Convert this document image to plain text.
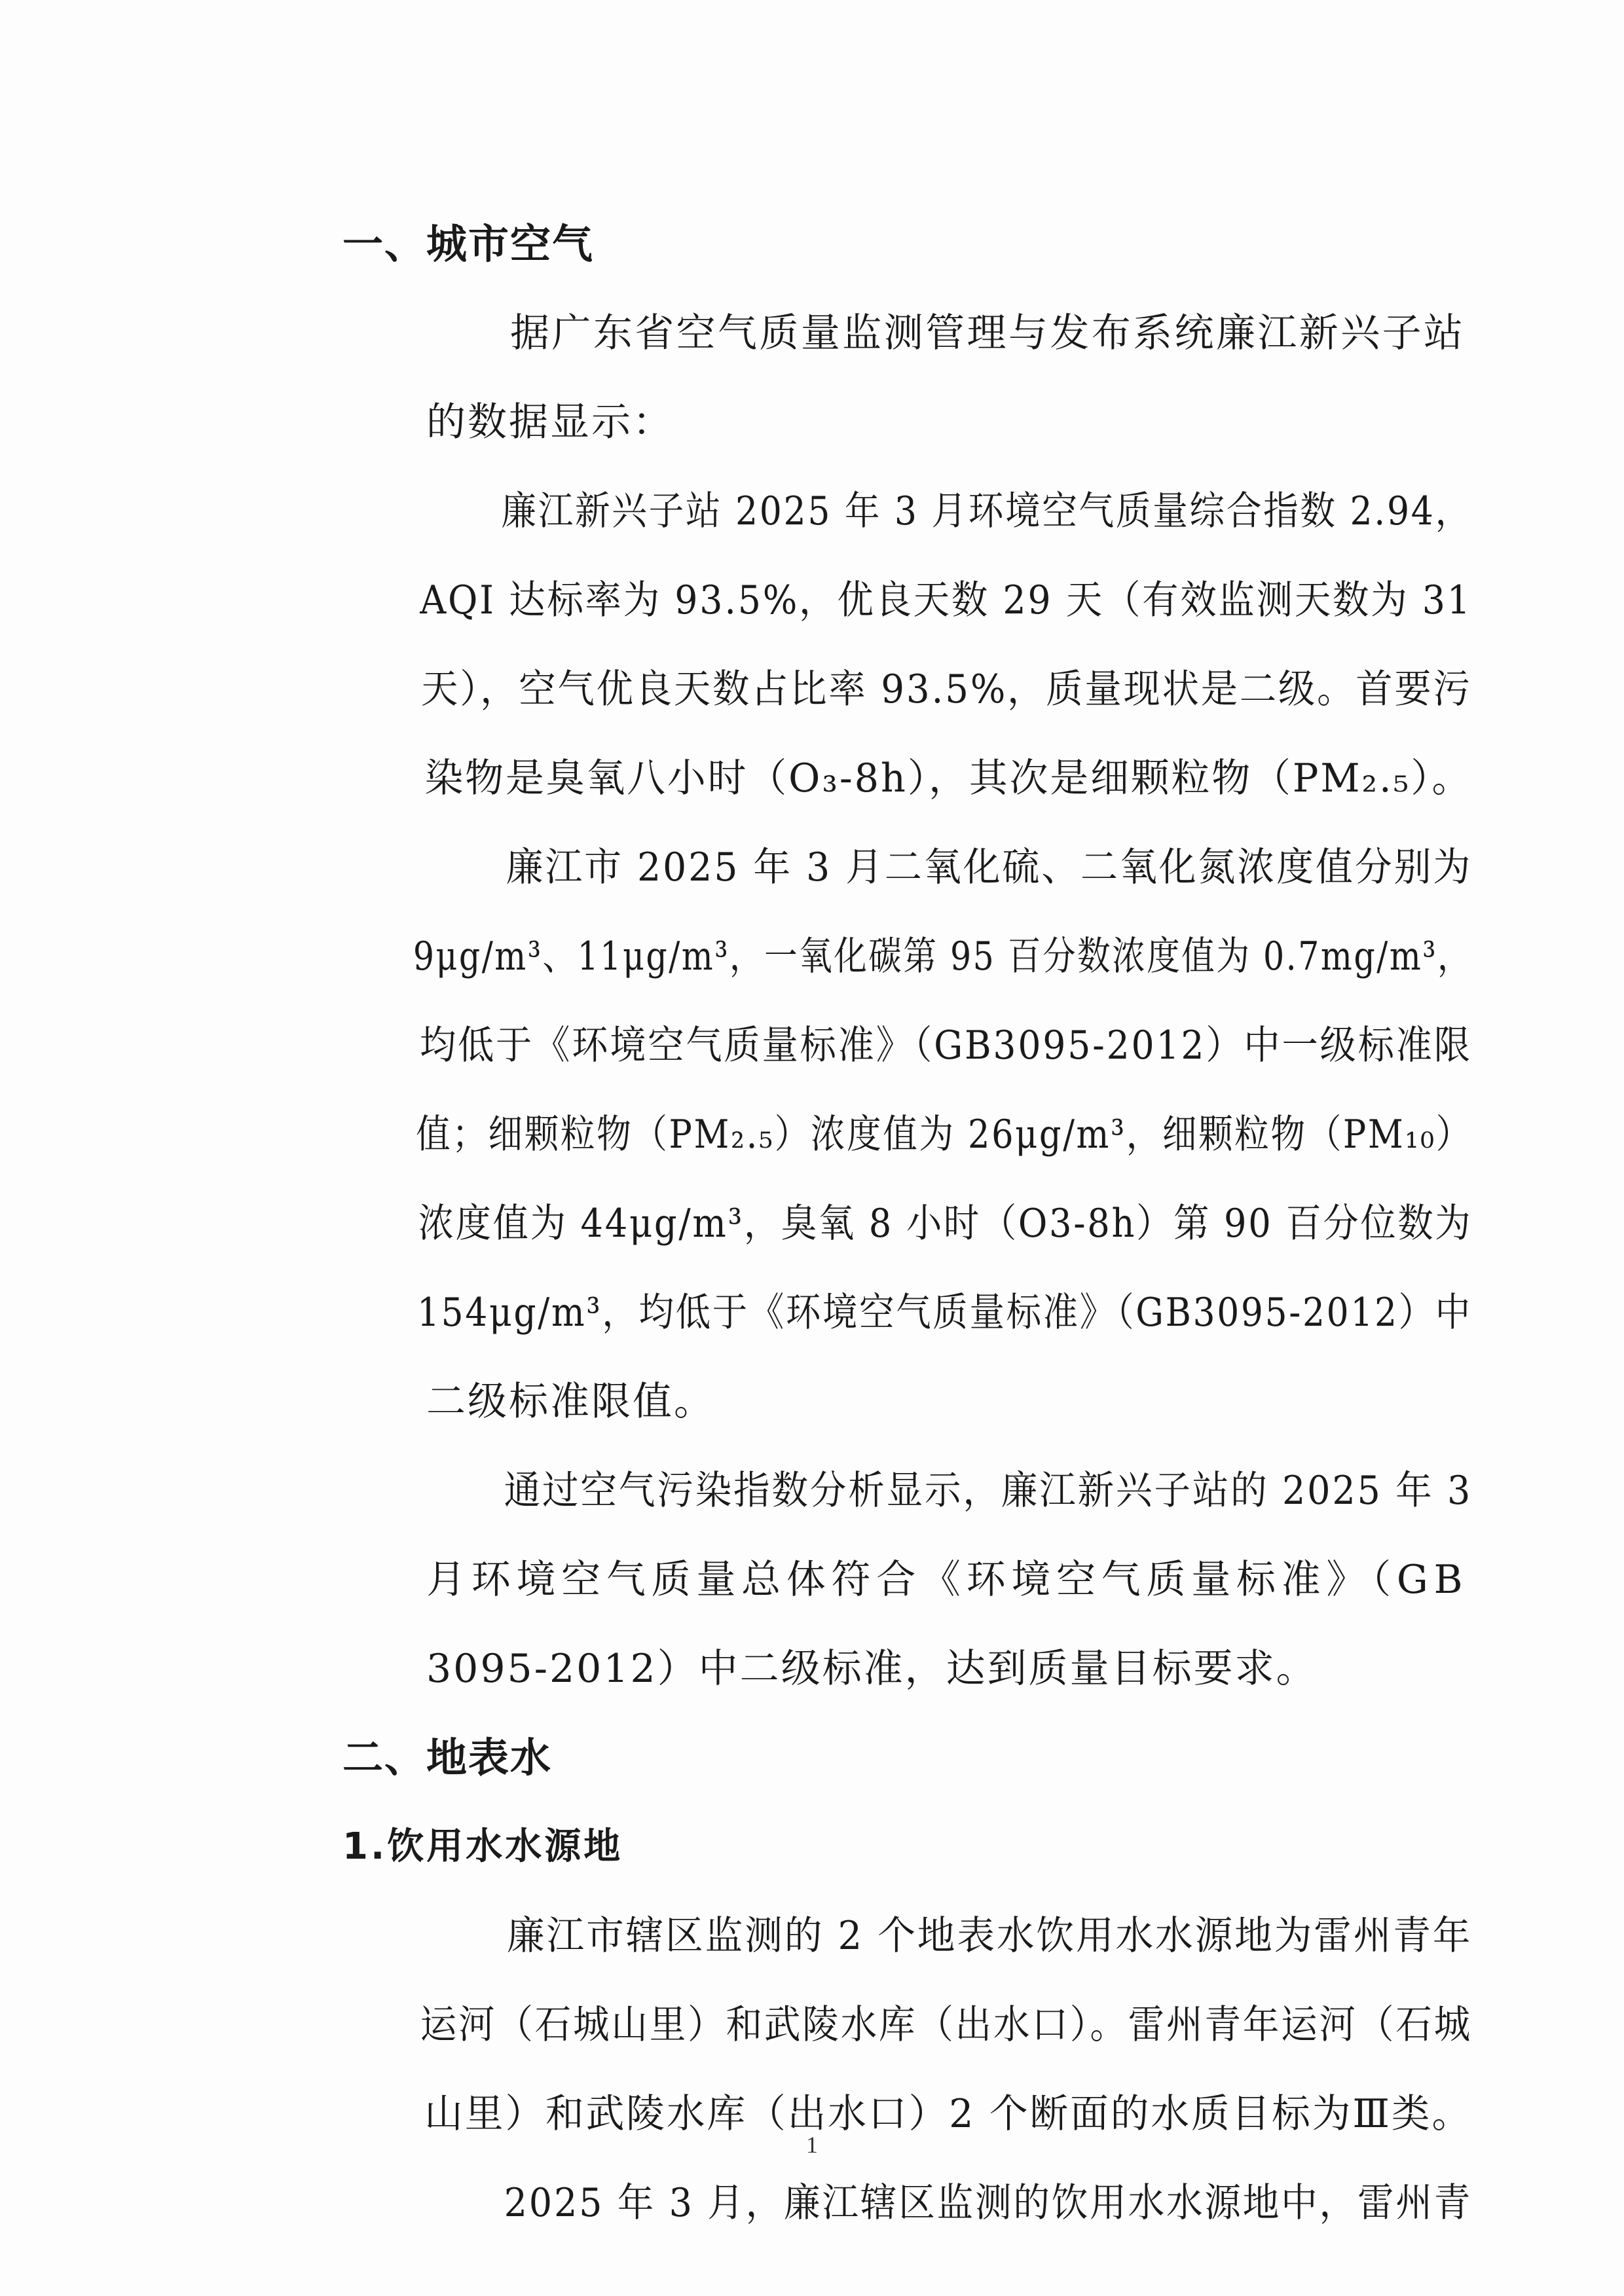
一、城市空气
据广东省空气质量监测管理与发布系统廉江新兴子站
的数据显示：
廉江新兴子站 2025 年 3 月环境空气质量综合指数 2.94，
AQI 达标率为 93.5%，优良天数 29 天（有效监测天数为 31
天），空气优良天数占比率 93.5%，质量现状是二级。首要污
染物是臭氧八小时（O₃-8h），其次是细颗粒物（PM₂.₅）。
廉江市 2025 年 3 月二氧化硫、二氧化氮浓度值分别为
9μg/m³、11μg/m³，一氧化碳第 95 百分数浓度值为 0.7mg/m³，
均低于《环境空气质量标准》（GB3095-2012）中一级标准限
值；细颗粒物（PM₂.₅）浓度值为 26μg/m³，细颗粒物（PM₁₀）
浓度值为 44μg/m³，臭氧 8 小时（O3-8h）第 90 百分位数为
154μg/m³，均低于《环境空气质量标准》（GB3095-2012）中
二级标准限值。
通过空气污染指数分析显示，廉江新兴子站的 2025 年 3
月环境空气质量总体符合《环境空气质量标准》（GB
3095-2012）中二级标准，达到质量目标要求。
二、地表水
1.饮用水水源地
廉江市辖区监测的 2 个地表水饮用水水源地为雷州青年
运河（石城山里）和武陵水库（出水口）。雷州青年运河（石城
山里）和武陵水库（出水口）2 个断面的水质目标为Ⅲ类。
2025 年 3 月，廉江辖区监测的饮用水水源地中，雷州青
1
